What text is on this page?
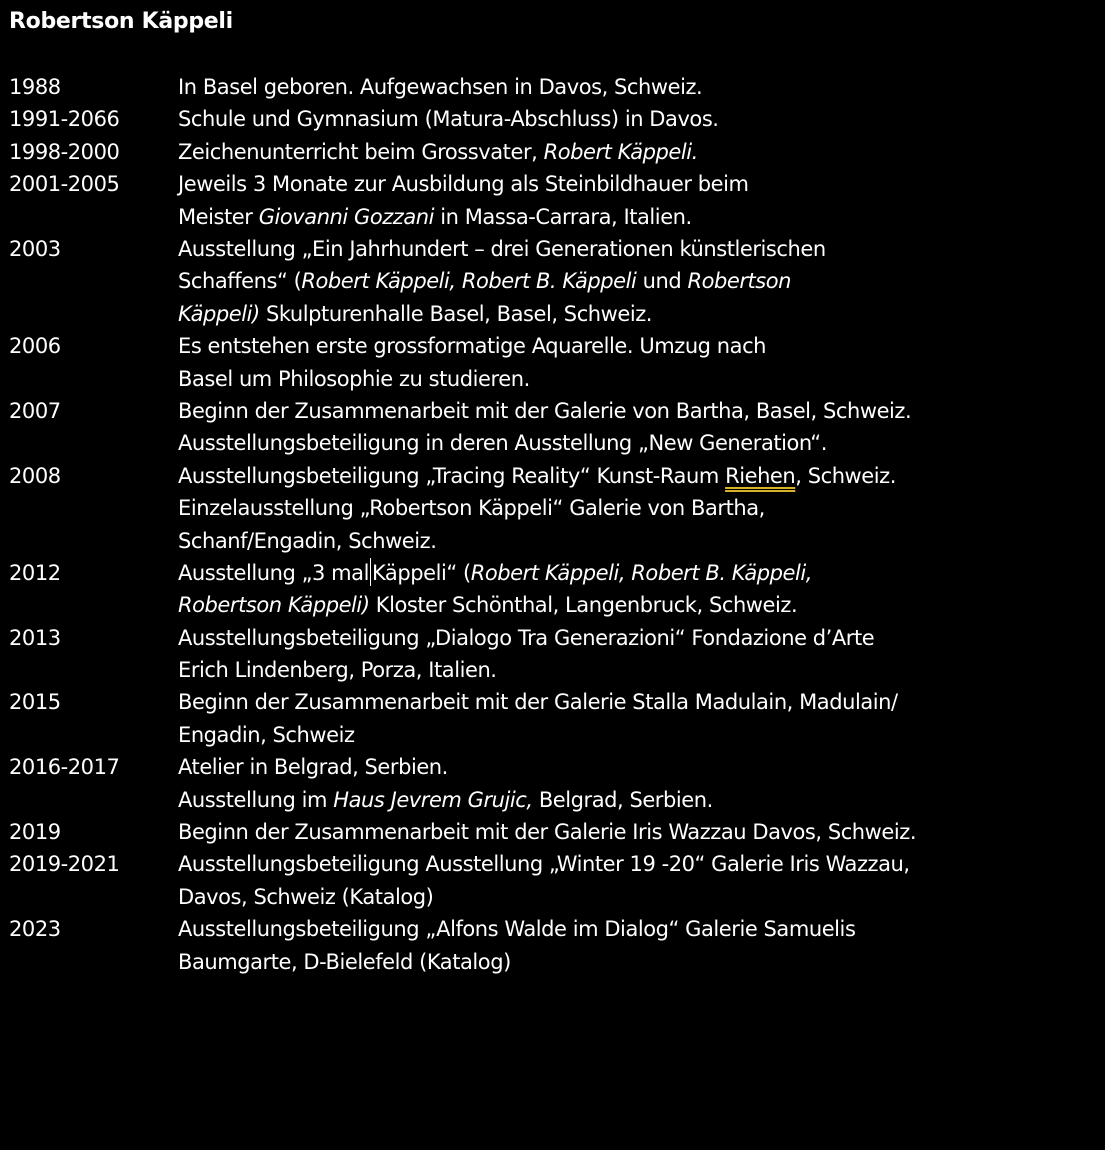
Robertson Käppeli
1988	In Basel geboren. Aufgewachsen in Davos, Schweiz.
1991-2066	Schule und Gymnasium (Matura-Abschluss) in Davos.
1998-2000	Zeichenunterricht beim Grossvater, Robert Käppeli.
2001-2005	Jeweils 3 Monate zur Ausbildung als Steinbildhauer beim
Meister Giovanni Gozzani in Massa-Carrara, Italien.
2003	Ausstellung „Ein Jahrhundert – drei Generationen künstlerischen
Schaffens“ (Robert Käppeli, Robert B. Käppeli und Robertson
Käppeli) Skulpturenhalle Basel, Basel, Schweiz.
2006	Es entstehen erste grossformatige Aquarelle. Umzug nach
Basel um Philosophie zu studieren.
2007	Beginn der Zusammenarbeit mit der Galerie von Bartha, Basel, Schweiz.
Ausstellungsbeteiligung in deren Ausstellung „New Generation“.
2008	Ausstellungsbeteiligung „Tracing Reality“ Kunst-Raum Riehen, Schweiz.
Einzelausstellung „Robertson Käppeli“ Galerie von Bartha,
Schanf/Engadin, Schweiz.
2012	Ausstellung „3 mal Käppeli“ (Robert Käppeli, Robert B. Käppeli,
Robertson Käppeli) Kloster Schönthal, Langenbruck, Schweiz.
2013	Ausstellungsbeteiligung „Dialogo Tra Generazioni“ Fondazione d’Arte
Erich Lindenberg, Porza, Italien.
2015	Beginn der Zusammenarbeit mit der Galerie Stalla Madulain, Madulain/
Engadin, Schweiz
2016-2017	Atelier in Belgrad, Serbien.
Ausstellung im Haus Jevrem Grujic, Belgrad, Serbien.
2019	Beginn der Zusammenarbeit mit der Galerie Iris Wazzau Davos, Schweiz.
2019-2021	Ausstellungsbeteiligung Ausstellung „Winter 19 -20“ Galerie Iris Wazzau,
Davos, Schweiz (Katalog)
2023	Ausstellungsbeteiligung „Alfons Walde im Dialog“ Galerie Samuelis
Baumgarte, D-Bielefeld (Katalog)
